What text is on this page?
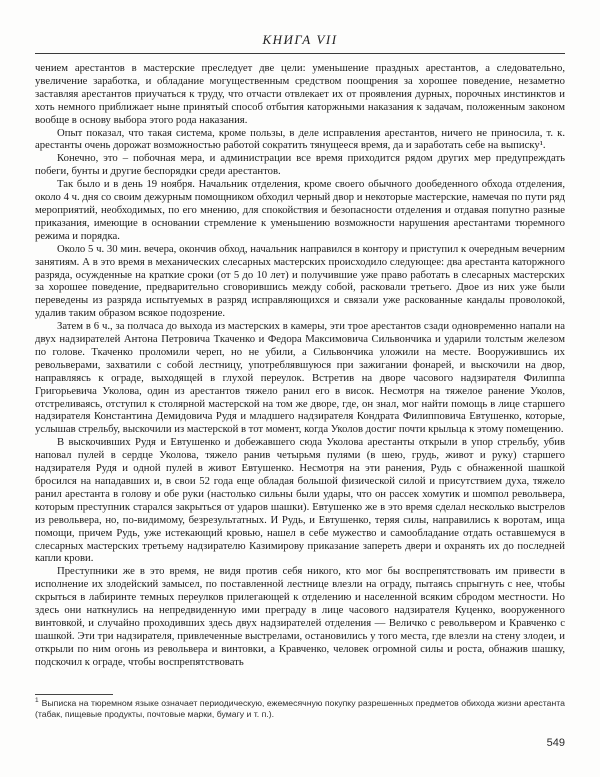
КНИГА VII

чением арестантов в мастерские преследует две цели: уменьшение праздных арестантов, а следовательно, увеличение заработка, и обладание могущественным средством поощрения за хорошее поведение, незаметно заставляя арестантов приучаться к труду, что отчасти отвлекает их от проявления дурных, порочных инстинктов и хоть немного приближает ныне принятый способ отбытия каторжными наказания к задачам, положенным законом вообще в основу выбора этого рода наказания.

Опыт показал, что такая система, кроме пользы, в деле исправления арестантов, ничего не приносила, т. к. арестанты очень дорожат возможностью работой сократить тянущееся время, да и заработать себе на выписку¹.

Конечно, это – побочная мера, и администрации все время приходится рядом других мер предупреждать побеги, бунты и другие беспорядки среди арестантов.

Так было и в день 19 ноября. Начальник отделения, кроме своего обычного дообеденного обхода отделения, около 4 ч. дня со своим дежурным помощником обходил черный двор и некоторые мастерские, намечая по пути ряд мероприятий, необходимых, по его мнению, для спокойствия и безопасности отделения и отдавая попутно разные приказания, имеющие в основании стремление к уменьшению возможности нарушения арестантами тюремного режима и порядка.

Около 5 ч. 30 мин. вечера, окончив обход, начальник направился в контору и приступил к очередным вечерним занятиям. А в это время в механических слесарных мастерских происходило следующее: два арестанта каторжного разряда, осужденные на краткие сроки (от 5 до 10 лет) и получившие уже право работать в слесарных мастерских за хорошее поведение, предварительно сговорившись между собой, расковали третьего. Двое из них уже были переведены из разряда испытуемых в разряд исправляющихся и связали уже раскованные кандалы проволокой, удалив таким образом всякое подозрение.

Затем в 6 ч., за полчаса до выхода из мастерских в камеры, эти трое арестантов сзади одновременно напали на двух надзирателей Антона Петровича Ткаченко и Федора Максимовича Сильвончика и ударили толстым железом по голове. Ткаченко проломили череп, но не убили, а Сильвончика уложили на месте. Вооружившись их револьверами, захватили с собой лестницу, употреблявшуюся при зажигании фонарей, и выскочили на двор, направляясь к ограде, выходящей в глухой переулок. Встретив на дворе часового надзирателя Филиппа Григорьевича Уколова, один из арестантов тяжело ранил его в висок. Несмотря на тяжелое ранение Уколов, отстреливаясь, отступил к столярной мастерской на том же дворе, где, он знал, мог найти помощь в лице старшего надзирателя Константина Демидовича Рудя и младшего надзирателя Кондрата Филипповича Евтушенко, которые, услышав стрельбу, выскочили из мастерской в тот момент, когда Уколов достиг почти крыльца к этому помещению.

В выскочивших Рудя и Евтушенко и добежавшего сюда Уколова арестанты открыли в упор стрельбу, убив наповал пулей в сердце Уколова, тяжело ранив четырьмя пулями (в шею, грудь, живот и руку) старшего надзирателя Рудя и одной пулей в живот Евтушенко. Несмотря на эти ранения, Рудь с обнаженной шашкой бросился на нападавших и, в свои 52 года еще обладая большой физической силой и присутствием духа, тяжело ранил арестанта в голову и обе руки (настолько сильны были удары, что он рассек хомутик и шомпол револьвера, которым преступник старался закрыться от ударов шашки). Евтушенко же в это время сделал несколько выстрелов из револьвера, но, по-видимому, безрезультатных. И Рудь, и Евтушенко, теряя силы, направились к воротам, ища помощи, причем Рудь, уже истекающий кровью, нашел в себе мужество и самообладание отдать оставшемуся в слесарных мастерских третьему надзирателю Казимирову приказание запереть двери и охранять их до последней капли крови.

Преступники же в это время, не видя против себя никого, кто мог бы воспрепятствовать им привести в исполнение их злодейский замысел, по поставленной лестнице влезли на ограду, пытаясь спрыгнуть с нее, чтобы скрыться в лабиринте темных переулков прилегающей к отделению и населенной всяким сбродом местности. Но здесь они наткнулись на непредвиденную ими преграду в лице часового надзирателя Куценко, вооруженного винтовкой, и случайно проходивших здесь двух надзирателей отделения — Величко с револьвером и Кравченко с шашкой. Эти три надзирателя, привлеченные выстрелами, остановились у того места, где влезли на стену злодеи, и открыли по ним огонь из револьвера и винтовки, а Кравченко, человек огромной силы и роста, обнажив шашку, подскочил к ограде, чтобы воспрепятствовать

$^1$ Выписка на тюремном языке означает периодическую, ежемесячную покупку разрешенных предметов обихода жизни арестанта (табак, пищевые продукты, почтовые марки, бумагу и т. п.).
549
